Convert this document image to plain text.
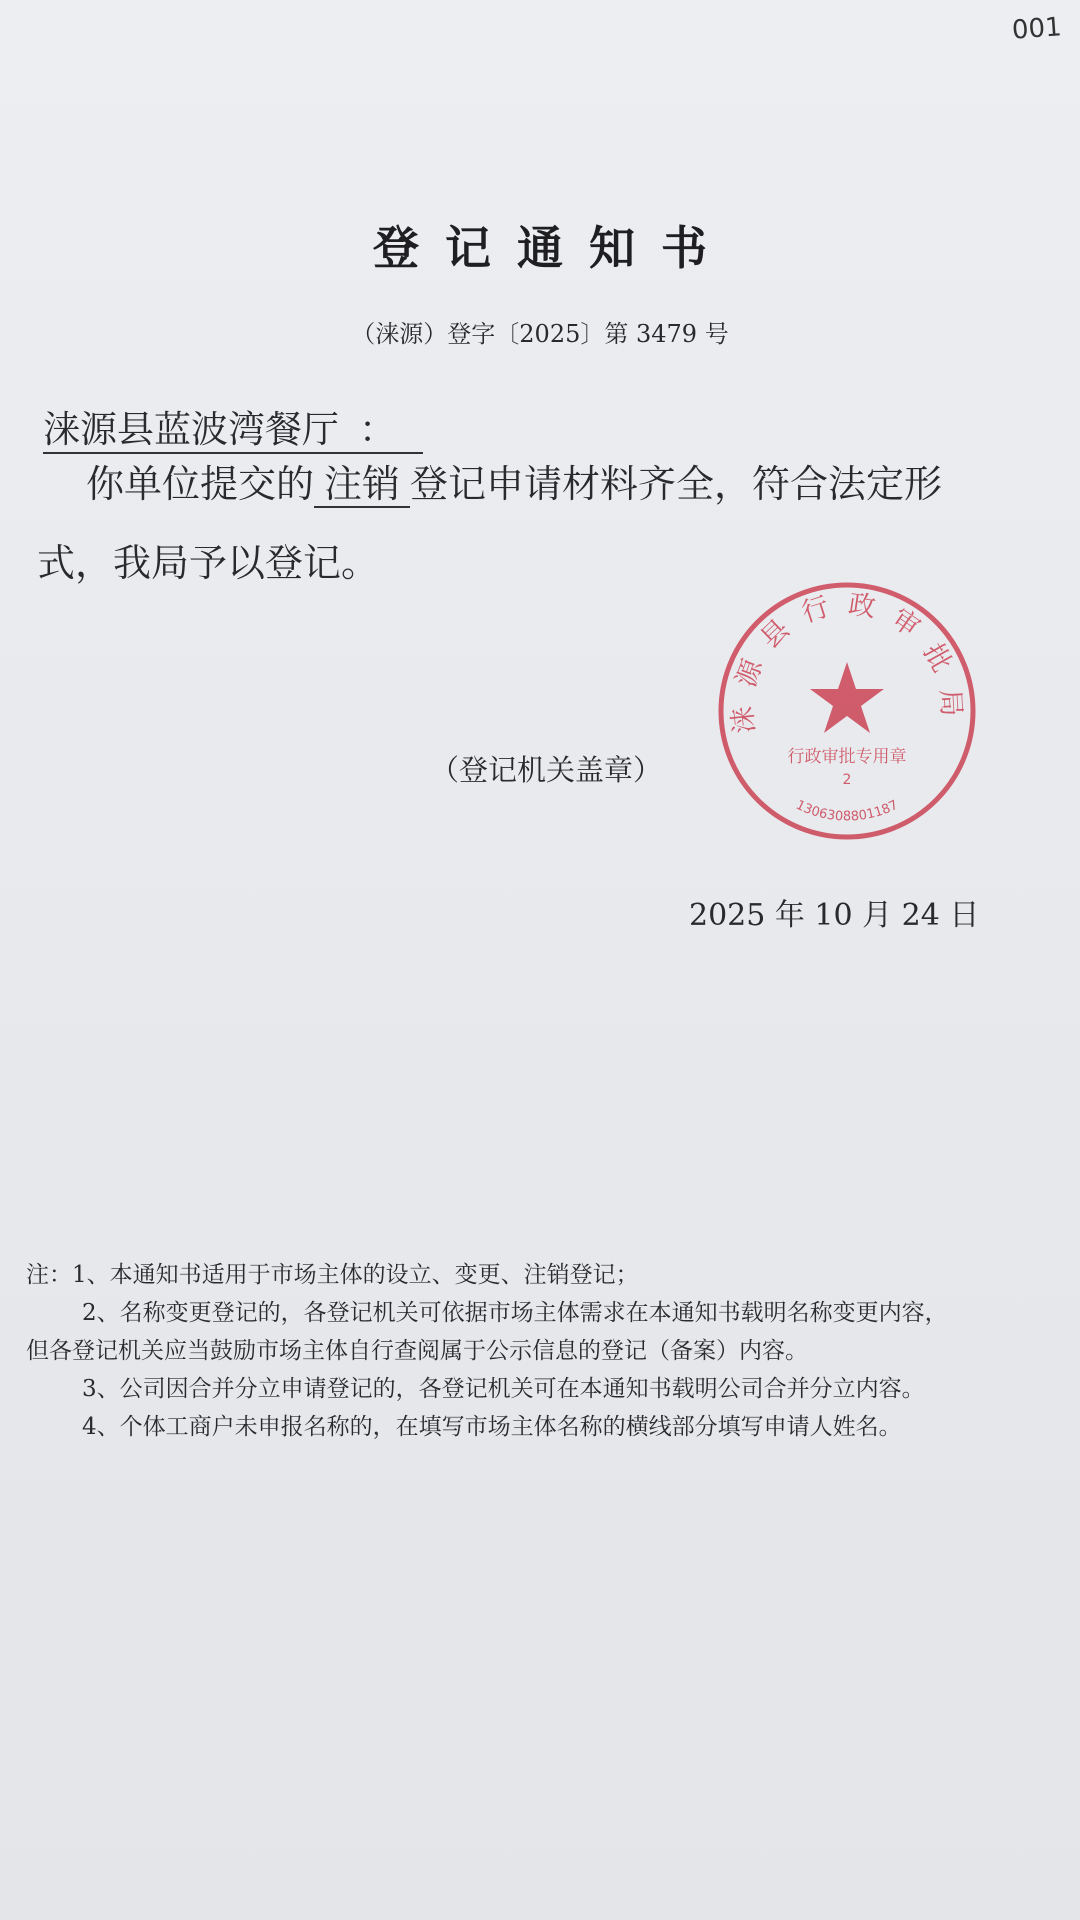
001
登记通知书
（涞源）登字〔2025〕第 3479 号
涞源县蓝波湾餐厅 ：
你单位提交的 注销 登记申请材料齐全，符合法定形
式，我局予以登记。
（登记机关盖章）
涞源县行政审批局
行政审批专用章
2
1306308801187
2025 年 10 月 24 日
注：1、本通知书适用于市场主体的设立、变更、注销登记；
2、名称变更登记的，各登记机关可依据市场主体需求在本通知书载明名称变更内容，
但各登记机关应当鼓励市场主体自行查阅属于公示信息的登记（备案）内容。
3、公司因合并分立申请登记的，各登记机关可在本通知书载明公司合并分立内容。
4、个体工商户未申报名称的，在填写市场主体名称的横线部分填写申请人姓名。
